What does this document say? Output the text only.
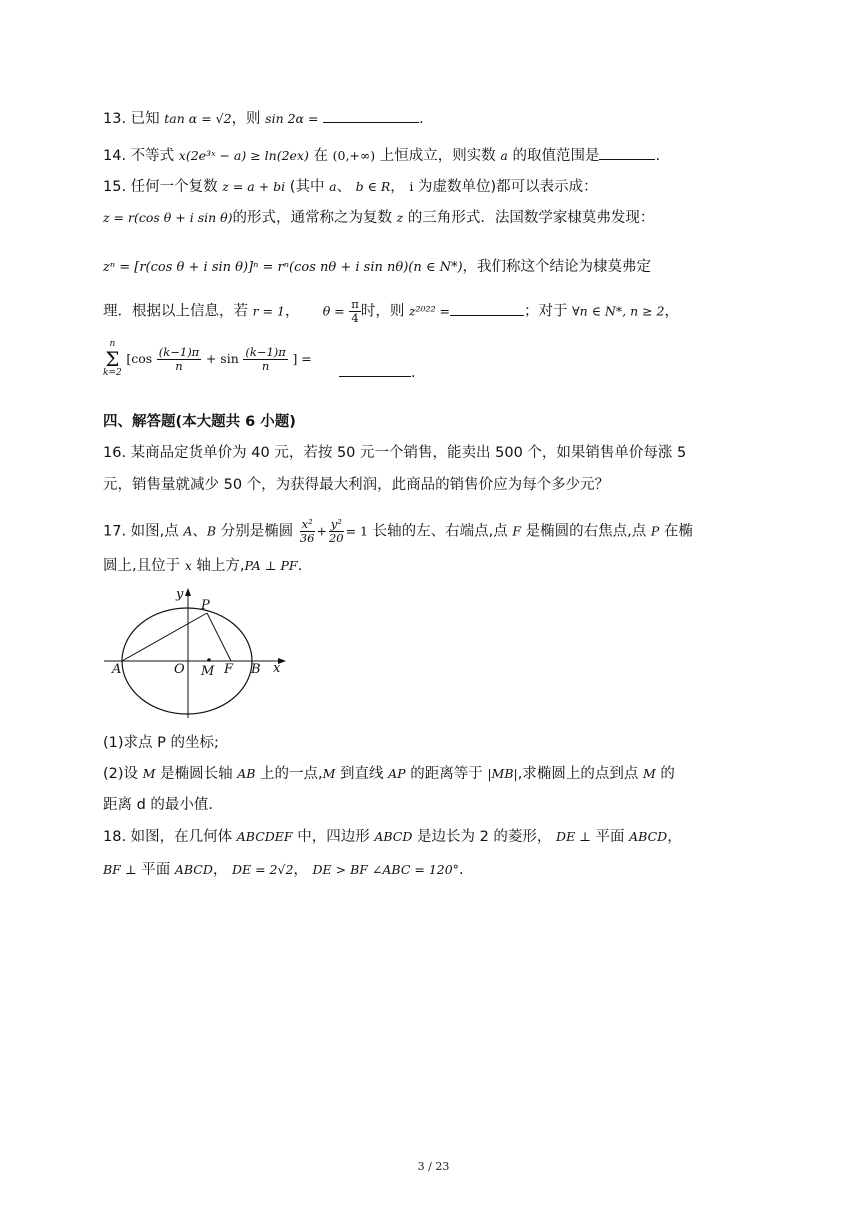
13. 已知 tan α = √2，则 sin 2α =	.
14. 不等式 x(2e³ˣ − a) ≥ ln(2ex) 在 (0,+∞) 上恒成立，则实数 a 的取值范围是	.
15. 任何一个复数 z = a + bi (其中 a、 b ∈ R， i 为虚数单位)都可以表示成：
z = r(cos θ + i sin θ)的形式，通常称之为复数 z 的三角形式．法国数学家棣莫弗发现：
zⁿ = [r(cos θ + i sin θ)]ⁿ = rⁿ(cos nθ + i sin nθ)(n ∈ N*)，我们称这个结论为棣莫弗定
理．根据以上信息，若 r = 1， $\theta = \frac{\pi}{4}$ 时，则 z²⁰²² =	；对于 ∀n ∈ N*, n ≥ 2，
n
Σ
k=2
[$\cos \frac{(k-1)\pi}{n} + \sin \frac{(k-1)\pi}{n}$ ] =  .
四、解答题(本大题共 6 小题)
16. 某商品定货单价为 40 元，若按 50 元一个销售，能卖出 500 个，如果销售单价每涨 5
元，销售量就减少 50 个，为获得最大利润，此商品的销售价应为每个多少元？
17. 如图,点 A、B 分别是椭圆 $\frac{\text{x²}}{36} + \frac{\text{y²}}{20} = 1$ 长轴的左、右端点,点 F 是椭圆的右焦点,点 P 在椭
圆上,且位于 x 轴上方,PA ⊥ PF.
y
P
A	O M F B x
(1)求点 P 的坐标;
(2)设 M 是椭圆长轴 AB 上的一点,M 到直线 AP 的距离等于 |MB|,求椭圆上的点到点 M 的
距离 d 的最小值.
18. 如图，在几何体 ABCDEF 中，四边形 ABCD 是边长为 2 的菱形， DE ⊥ 平面 ABCD，
BF ⊥ 平面 ABCD， DE = 2√2， DE > BF ∠ABC = 120°.
3 / 23
